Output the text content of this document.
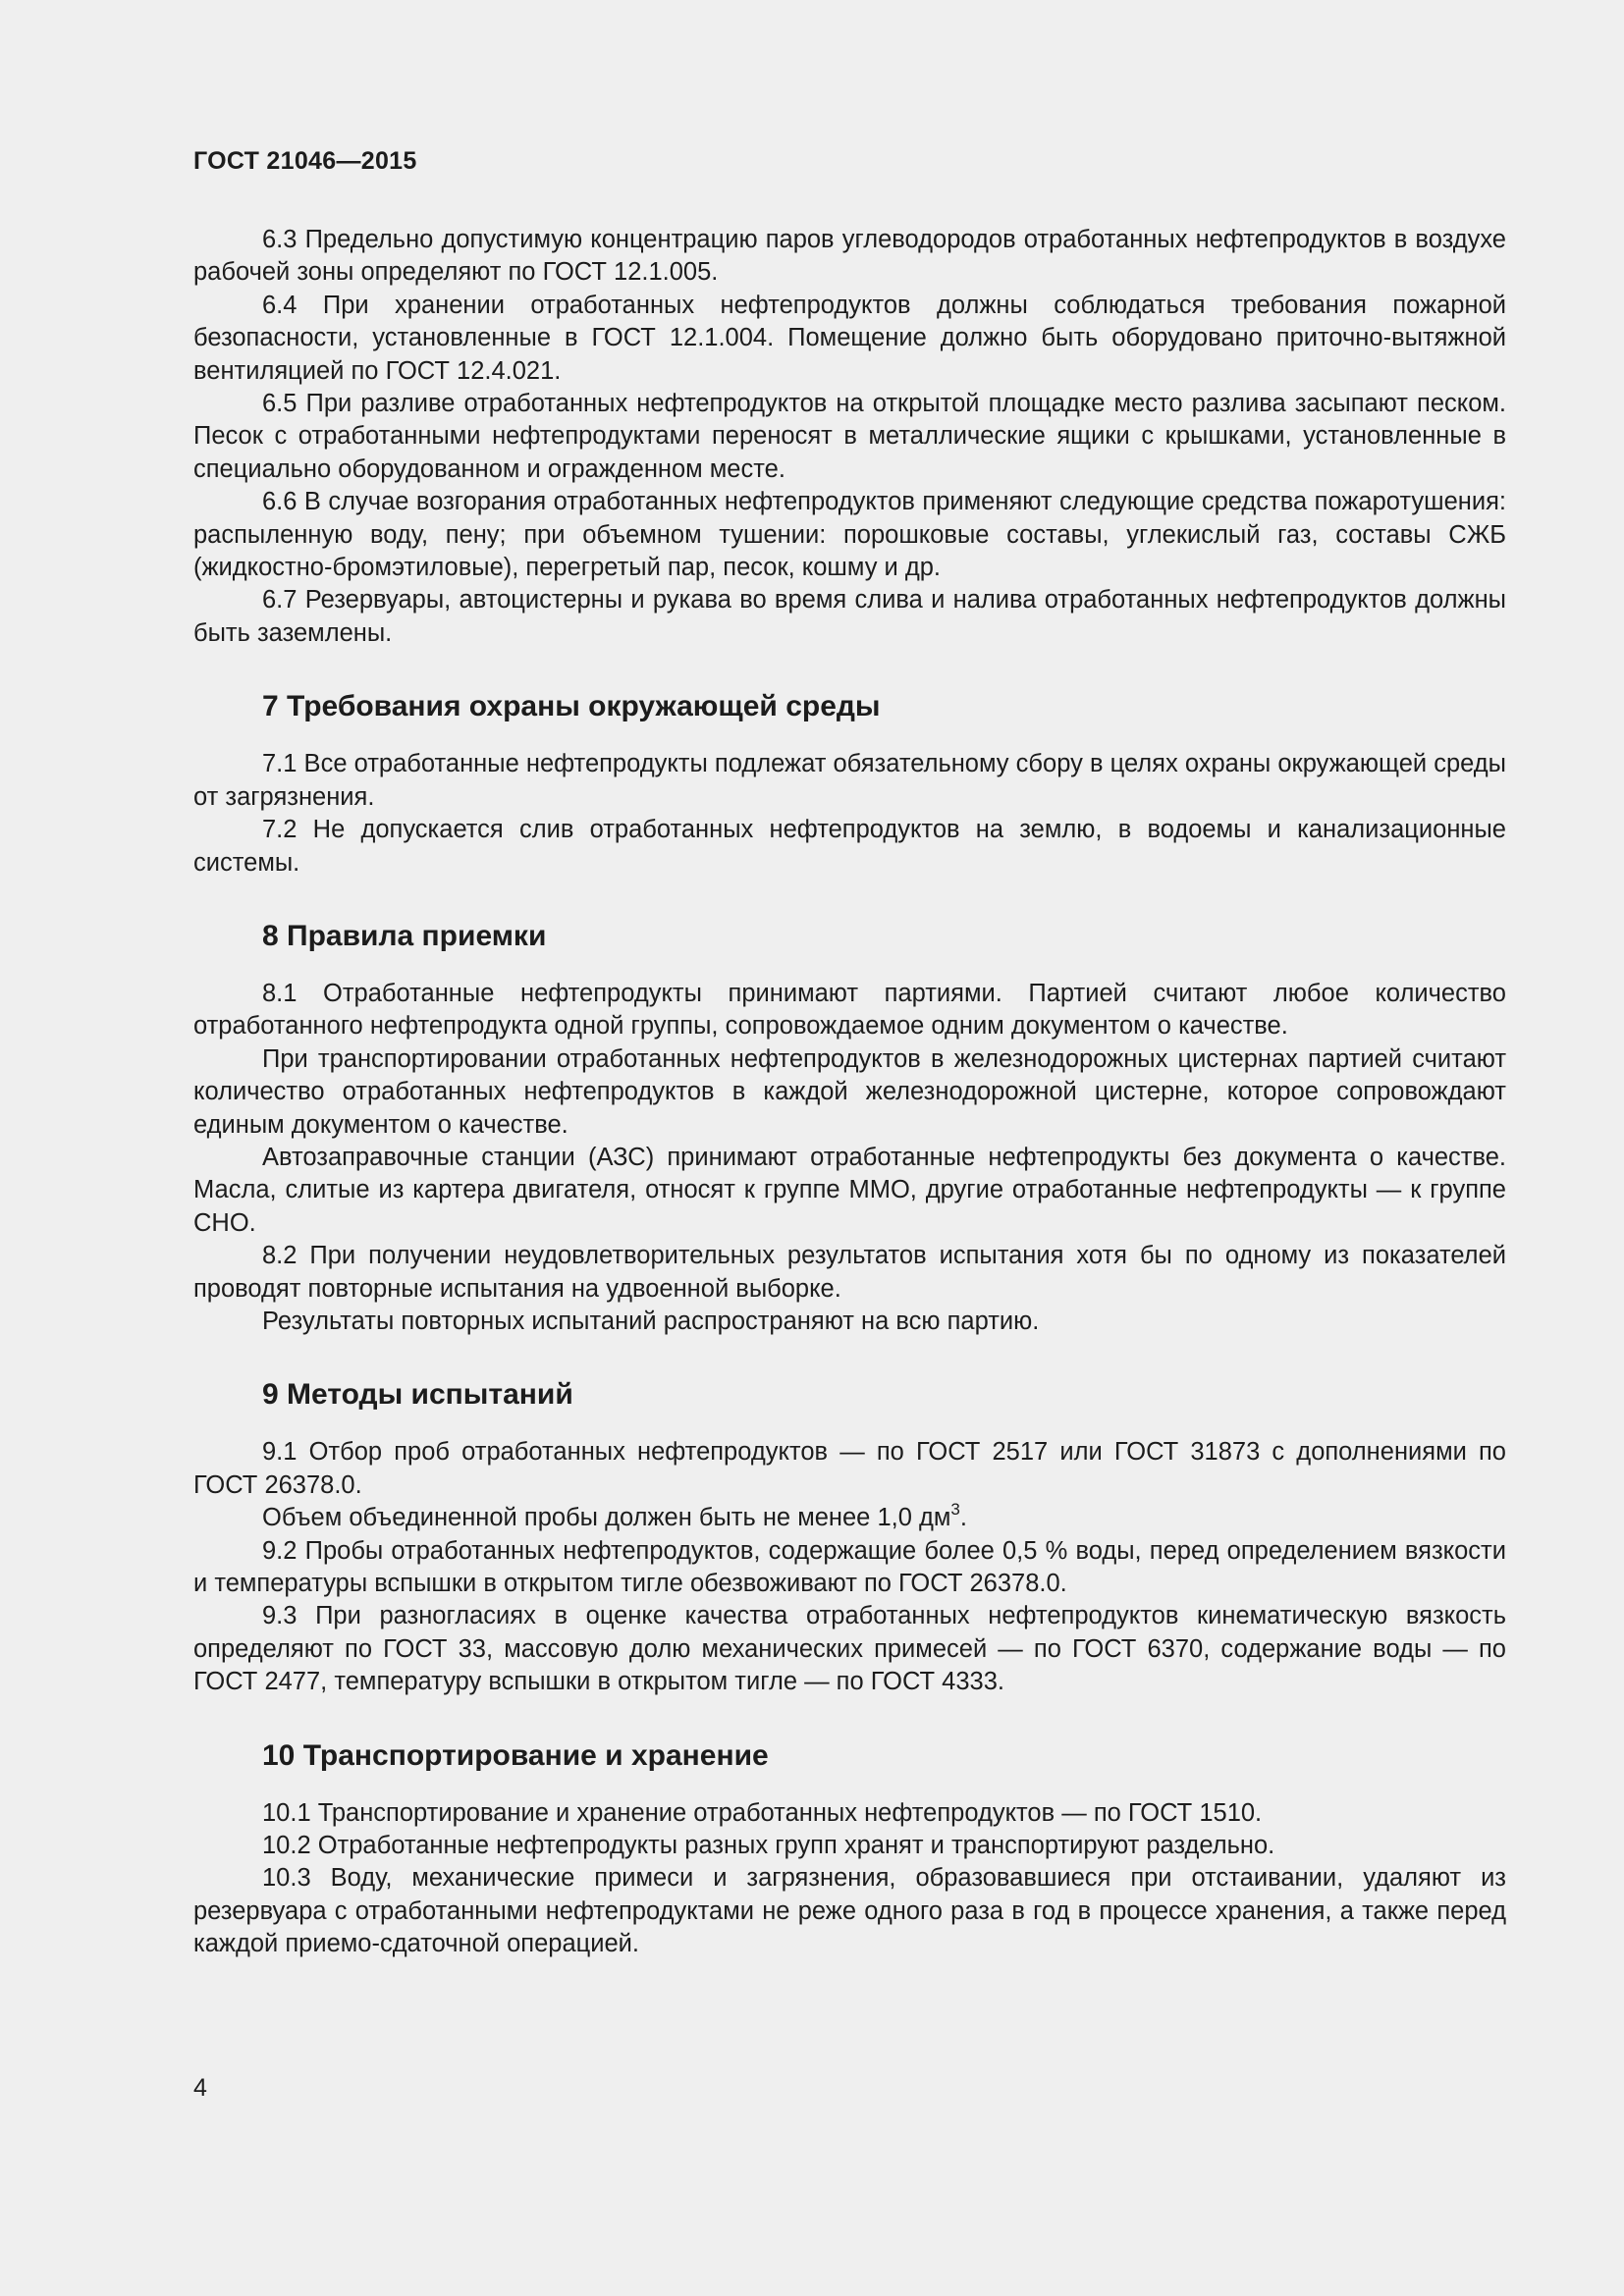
ГОСТ 21046—2015

6.3 Предельно допустимую концентрацию паров углеводородов отработанных нефтепродуктов в воздухе рабочей зоны определяют по ГОСТ 12.1.005.

6.4 При хранении отработанных нефтепродуктов должны соблюдаться требования пожарной безопасности, установленные в ГОСТ 12.1.004. Помещение должно быть оборудовано приточно-вытяжной вентиляцией по ГОСТ 12.4.021.

6.5 При разливе отработанных нефтепродуктов на открытой площадке место разлива засыпают песком. Песок с отработанными нефтепродуктами переносят в металлические ящики с крышками, установленные в специально оборудованном и огражденном месте.

6.6 В случае возгорания отработанных нефтепродуктов применяют следующие средства пожаротушения: распыленную воду, пену; при объемном тушении: порошковые составы, углекислый газ, составы СЖБ (жидкостно-бромэтиловые), перегретый пар, песок, кошму и др.

6.7 Резервуары, автоцистерны и рукава во время слива и налива отработанных нефтепродуктов должны быть заземлены.

7 Требования охраны окружающей среды

7.1 Все отработанные нефтепродукты подлежат обязательному сбору в целях охраны окружающей среды от загрязнения.

7.2 Не допускается слив отработанных нефтепродуктов на землю, в водоемы и канализационные системы.

8 Правила приемки

8.1 Отработанные нефтепродукты принимают партиями. Партией считают любое количество отработанного нефтепродукта одной группы, сопровождаемое одним документом о качестве.

При транспортировании отработанных нефтепродуктов в железнодорожных цистернах партией считают количество отработанных нефтепродуктов в каждой железнодорожной цистерне, которое сопровождают единым документом о качестве.

Автозаправочные станции (АЗС) принимают отработанные нефтепродукты без документа о качестве. Масла, слитые из картера двигателя, относят к группе ММО, другие отработанные нефтепродукты — к группе СНО.

8.2 При получении неудовлетворительных результатов испытания хотя бы по одному из показателей проводят повторные испытания на удвоенной выборке.

Результаты повторных испытаний распространяют на всю партию.

9 Методы испытаний

9.1 Отбор проб отработанных нефтепродуктов — по ГОСТ 2517 или ГОСТ 31873 с дополнениями по ГОСТ 26378.0.

Объем объединенной пробы должен быть не менее 1,0 $дм^3$.

9.2 Пробы отработанных нефтепродуктов, содержащие более 0,5 % воды, перед определением вязкости и температуры вспышки в открытом тигле обезвоживают по ГОСТ 26378.0.

9.3 При разногласиях в оценке качества отработанных нефтепродуктов кинематическую вязкость определяют по ГОСТ 33, массовую долю механических примесей — по ГОСТ 6370, содержание воды — по ГОСТ 2477, температуру вспышки в открытом тигле — по ГОСТ 4333.

10 Транспортирование и хранение

10.1 Транспортирование и хранение отработанных нефтепродуктов — по ГОСТ 1510.

10.2 Отработанные нефтепродукты разных групп хранят и транспортируют раздельно.

10.3 Воду, механические примеси и загрязнения, образовавшиеся при отстаивании, удаляют из резервуара с отработанными нефтепродуктами не реже одного раза в год в процессе хранения, а также перед каждой приемо-сдаточной операцией.

4
